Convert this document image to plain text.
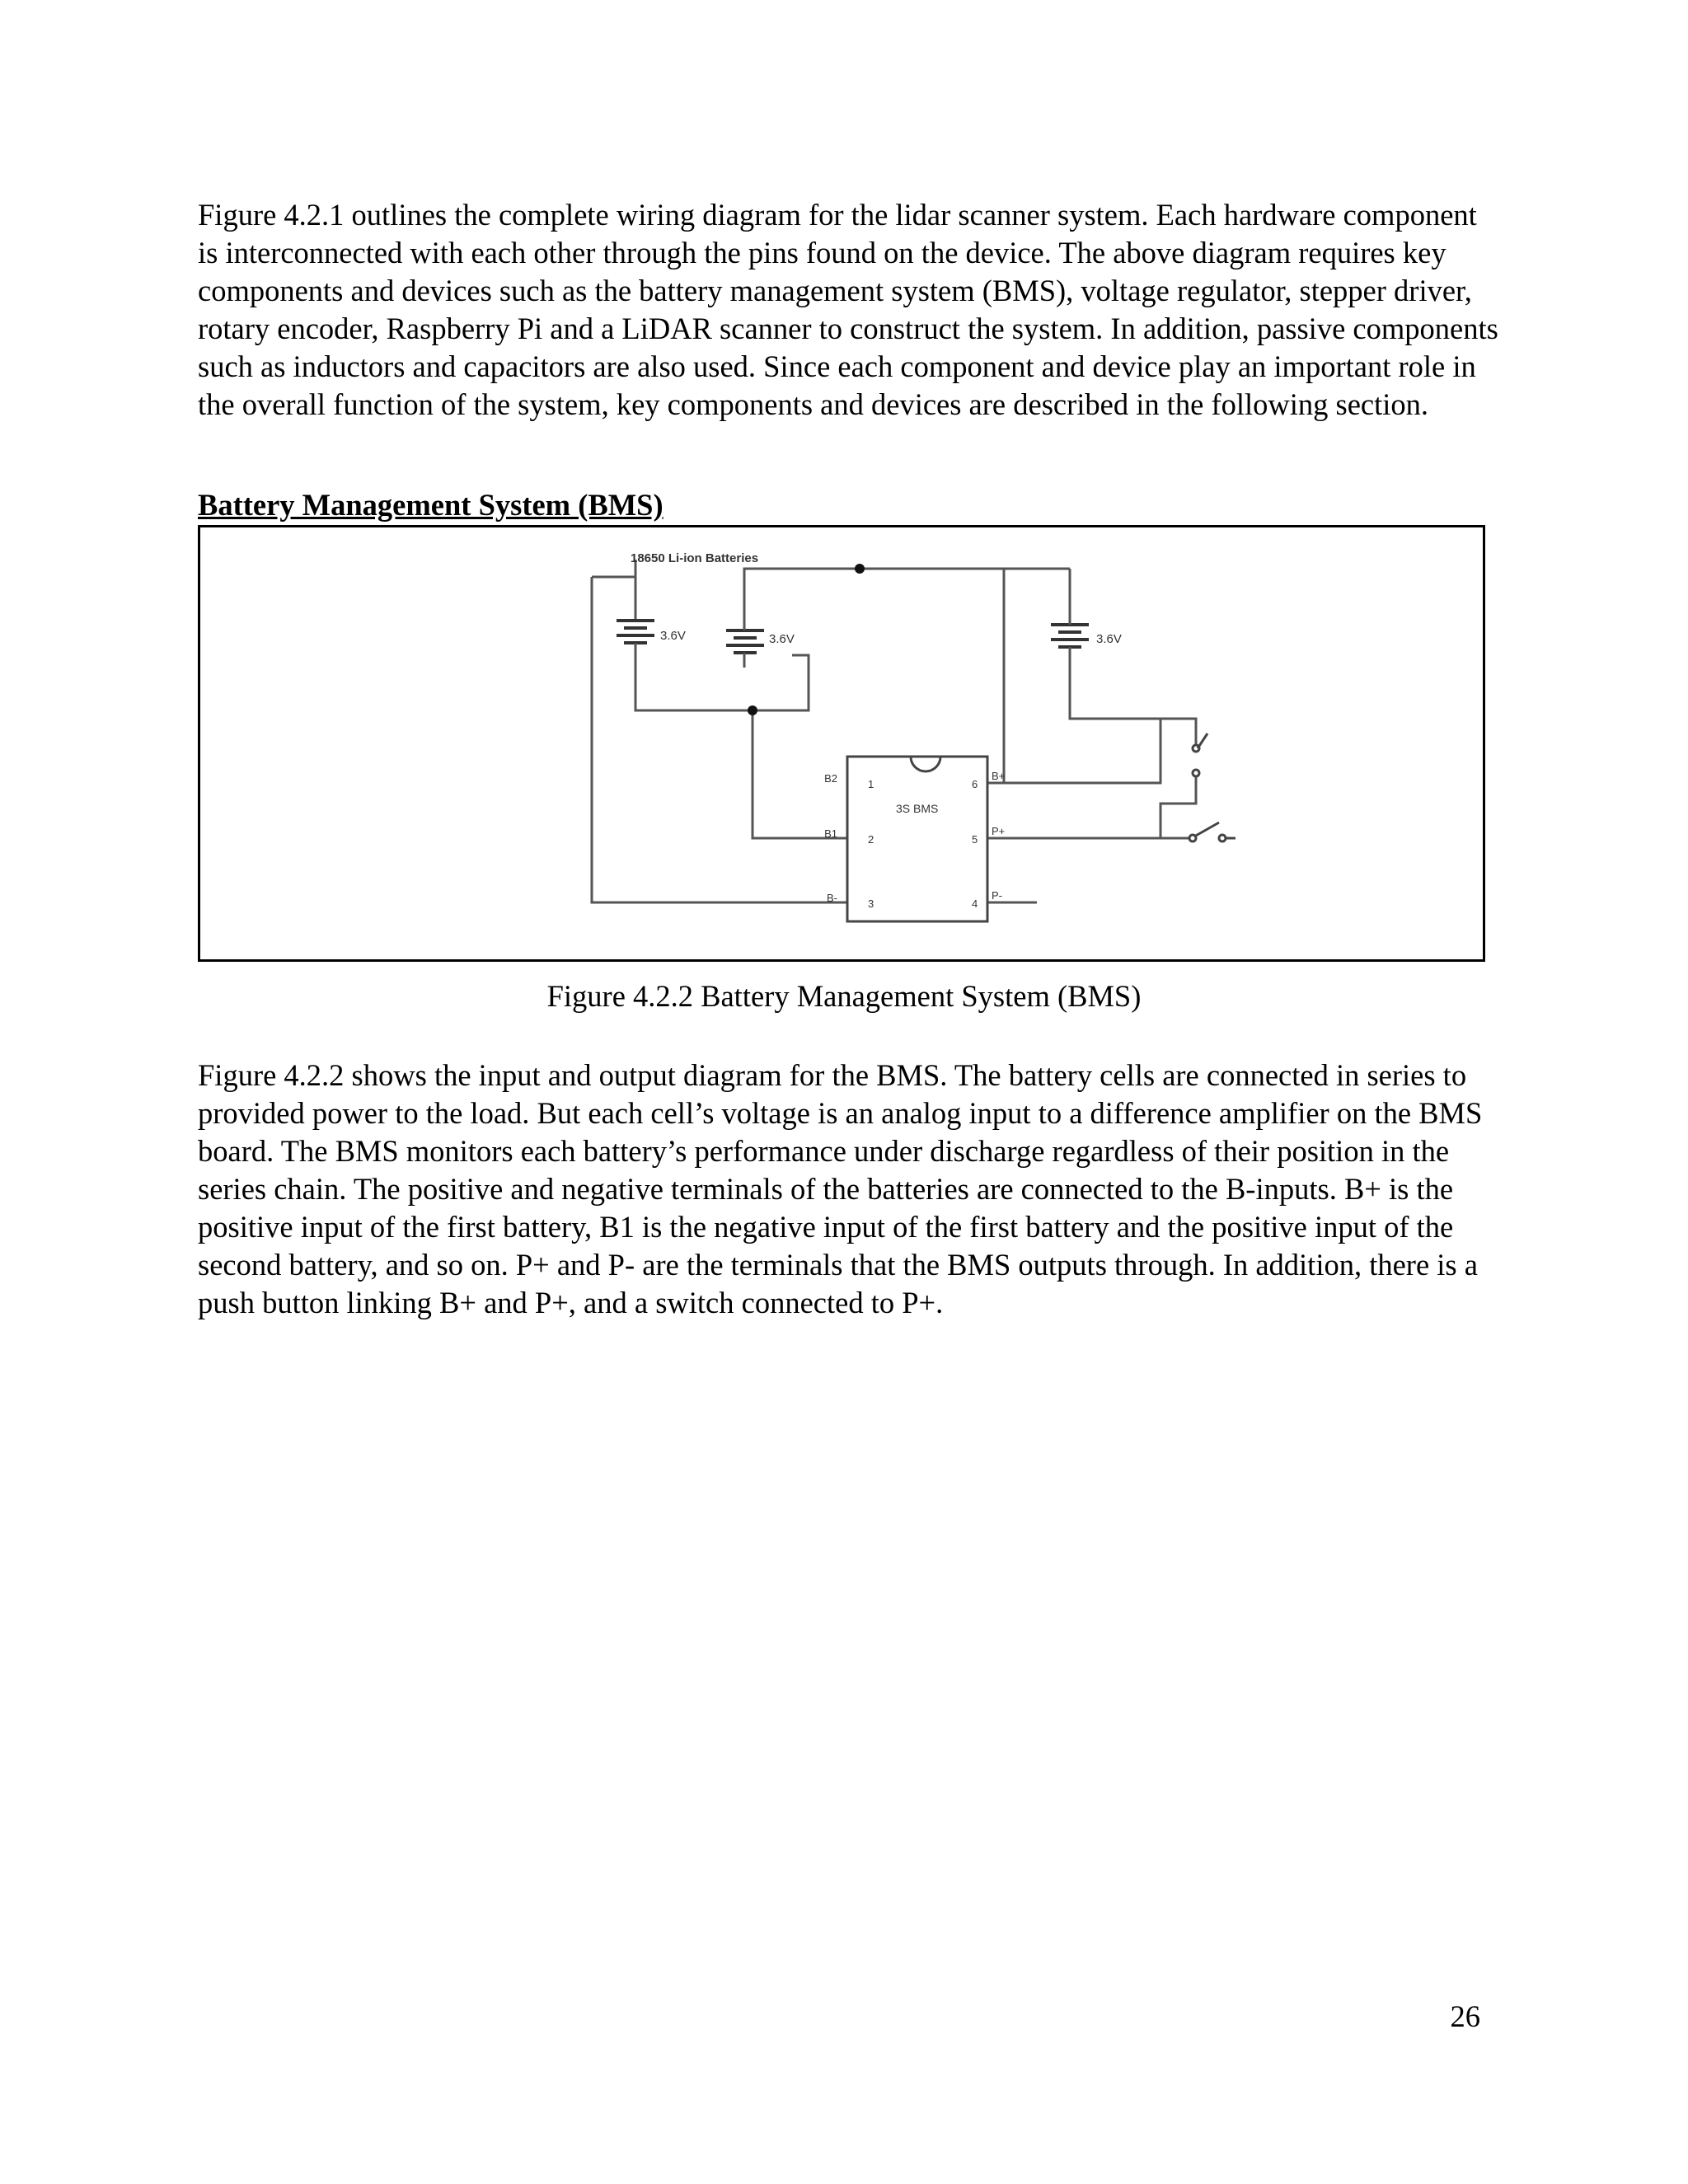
Figure 4.2.1 outlines the complete wiring diagram for the lidar scanner system. Each hardware component is interconnected with each other through the pins found on the device. The above diagram requires key components and devices such as the battery management system (BMS), voltage regulator, stepper driver, rotary encoder, Raspberry Pi and a LiDAR scanner to construct the system. In addition, passive components such as inductors and capacitors are also used. Since each component and device play an important role in the overall function of the system, key components and devices are described in the following section.

Battery Management System (BMS)

18650 Li-ion Batteries
3.6V	3.6V	3.6V
3S BMS
B2
B1
B-
1
2
3
6
5
4
B+
P+
P-

Figure 4.2.2 Battery Management System (BMS)

Figure 4.2.2 shows the input and output diagram for the BMS. The battery cells are connected in series to provided power to the load. But each cell’s voltage is an analog input to a difference amplifier on the BMS board. The BMS monitors each battery’s performance under discharge regardless of their position in the series chain. The positive and negative terminals of the batteries are connected to the B-inputs. B+ is the positive input of the first battery, B1 is the negative input of the first battery and the positive input of the second battery, and so on. P+ and P- are the terminals that the BMS outputs through. In addition, there is a push button linking B+ and P+, and a switch connected to P+.

26
